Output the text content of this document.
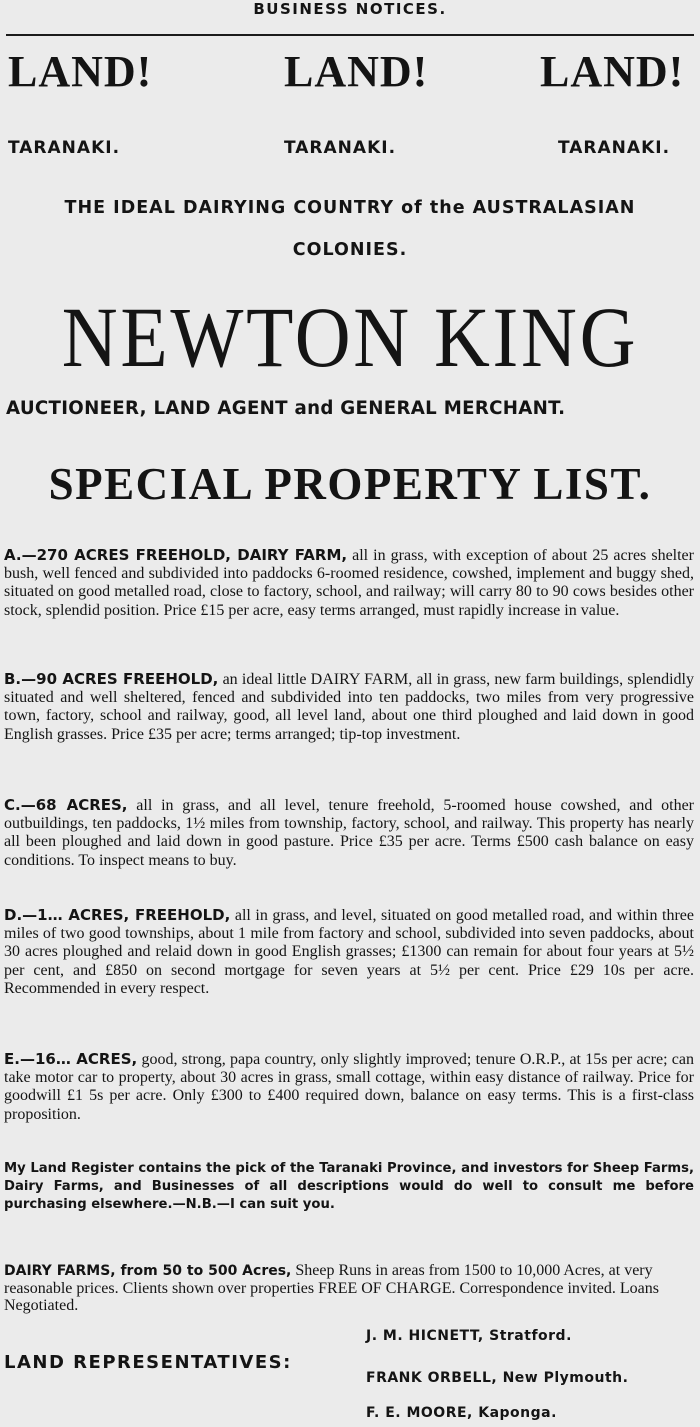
BUSINESS NOTICES.
LAND!	LAND!	LAND!
TARANAKI.	TARANAKI.	TARANAKI.
THE IDEAL DAIRYING COUNTRY of the AUSTRALASIAN
COLONIES.
NEWTON KING
AUCTIONEER, LAND AGENT and GENERAL MERCHANT.
SPECIAL PROPERTY LIST.
A.—270 ACRES FREEHOLD, DAIRY FARM, all in grass, with exception of about 25 acres shelter bush, well fenced and subdivided into paddocks 6-roomed residence, cowshed, implement and buggy shed, situated on good metalled road, close to factory, school, and railway; will carry 80 to 90 cows besides other stock, splendid position. Price £15 per acre, easy terms arranged, must rapidly increase in value.
B.—90 ACRES FREEHOLD, an ideal little DAIRY FARM, all in grass, new farm buildings, splendidly situated and well sheltered, fenced and subdivided into ten paddocks, two miles from very progressive town, factory, school and railway, good, all level land, about one third ploughed and laid down in good English grasses. Price £35 per acre; terms arranged; tip-top investment.
C.—68 ACRES, all in grass, and all level, tenure freehold, 5-roomed house cowshed, and other outbuildings, ten paddocks, 1½ miles from township, factory, school, and railway. This property has nearly all been ploughed and laid down in good pasture. Price £35 per acre. Terms £500 cash balance on easy conditions. To inspect means to buy.
D.—1… ACRES, FREEHOLD, all in grass, and level, situated on good metalled road, and within three miles of two good townships, about 1 mile from factory and school, subdivided into seven paddocks, about 30 acres ploughed and relaid down in good English grasses; £1300 can remain for about four years at 5½ per cent, and £850 on second mortgage for seven years at 5½ per cent. Price £29 10s per acre. Recommended in every respect.
E.—16… ACRES, good, strong, papa country, only slightly improved; tenure O.R.P., at 15s per acre; can take motor car to property, about 30 acres in grass, small cottage, within easy distance of railway. Price for goodwill £1 5s per acre. Only £300 to £400 required down, balance on easy terms. This is a first-class proposition.
My Land Register contains the pick of the Taranaki Province, and investors for Sheep Farms, Dairy Farms, and Businesses of all descriptions would do well to consult me before purchasing elsewhere.—N.B.—I can suit you.
DAIRY FARMS, from 50 to 500 Acres, Sheep Runs in areas from 1500 to 10,000 Acres, at very reasonable prices. Clients shown over properties FREE OF CHARGE. Correspondence invited. Loans Negotiated.
LAND REPRESENTATIVES:
J. M. HICNETT, Stratford.
FRANK ORBELL, New Plymouth.
F. E. MOORE, Kaponga.
